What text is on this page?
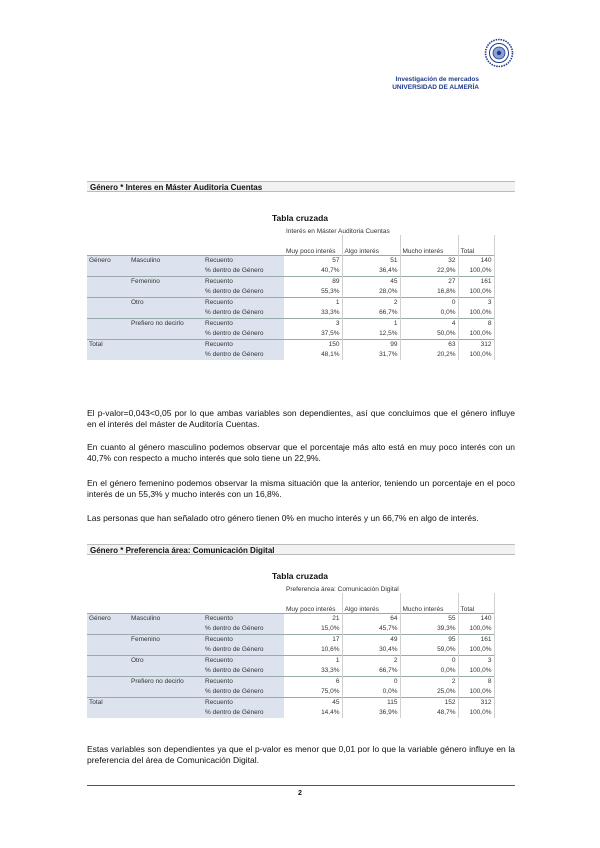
Investigación de mercados
UNIVERSIDAD DE ALMERÍA
Género * Interes en Máster Auditoria Cuentas
Tabla cruzada
			Interés en Máster Auditoria Cuentas			
			Muy poco interés	Algo interés	Mucho interés	Total
Género	Masculino	Recuento	57	51	32	140
		% dentro de Género	40,7%	36,4%	22,9%	100,0%
	Femenino	Recuento	89	45	27	161
		% dentro de Género	55,3%	28,0%	16,8%	100,0%
	Otro	Recuento	1	2	0	3
		% dentro de Género	33,3%	66,7%	0,0%	100,0%
	Prefiero no decirlo	Recuento	3	1	4	8
		% dentro de Género	37,5%	12,5%	50,0%	100,0%
Total		Recuento	150	99	63	312
		% dentro de Género	48,1%	31,7%	20,2%	100,0%
El p-valor=0,043<0,05 por lo que ambas variables son dependientes, así que concluimos que el género influye en el interés del máster de Auditoría Cuentas.
En cuanto al género masculino podemos observar que el porcentaje más alto está en muy poco interés con un 40,7% con respecto a mucho interés que solo tiene un 22,9%.
En el género femenino podemos observar la misma situación que la anterior, teniendo un porcentaje en el poco interés de un 55,3% y mucho interés con un 16,8%.
Las personas que han señalado otro género tienen 0% en mucho interés y un 66,7% en algo de interés.
Género * Preferencia área: Comunicación Digital
Tabla cruzada
			Preferencia área: Comunicación Digital			
			Muy poco interés	Algo interés	Mucho interés	Total
Género	Masculino	Recuento	21	64	55	140
		% dentro de Género	15,0%	45,7%	39,3%	100,0%
	Femenino	Recuento	17	49	95	161
		% dentro de Género	10,6%	30,4%	59,0%	100,0%
	Otro	Recuento	1	2	0	3
		% dentro de Género	33,3%	66,7%	0,0%	100,0%
	Prefiero no decirlo	Recuento	6	0	2	8
		% dentro de Género	75,0%	0,0%	25,0%	100,0%
Total		Recuento	45	115	152	312
		% dentro de Género	14,4%	36,9%	48,7%	100,0%
Estas variables son dependientes ya que el p-valor es menor que 0,01 por lo que la variable género influye en la preferencia del área de Comunicación Digital.
2
